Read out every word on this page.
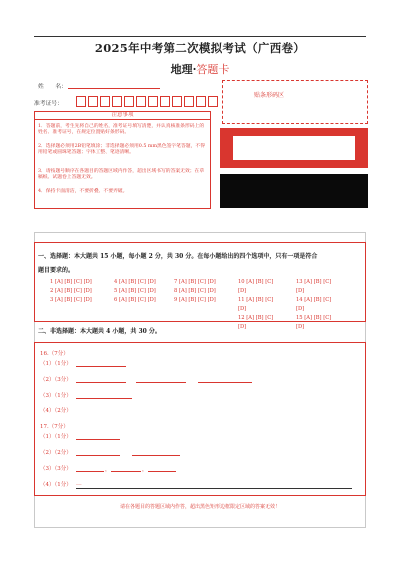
2025年中考第二次模拟考试（广西卷）
地理·答题卡
姓　　名：
准考证号：
注意事项
1．答题前，考生先将自己的姓名，准考证号填写清楚，并认真核准条形码上的姓名、准考证号，在规定位置贴好条形码。
2．选择题必须用2B铅笔填涂；非选择题必须用0.5 mm黑色签字笔答题，不得用铅笔或圆珠笔答题；字体工整、笔迹清晰。
3．请按题号顺序在各题目的答题区域内作答，超出区域书写的答案无效；在草稿纸、试题卷上答题无效。
4．保持卡面清洁，不要折叠、不要弄破。
贴条形码区
一、选择题：本大题共 15 小题，每小题 2 分，共 30 分。在每小题给出的四个选项中，只有一项是符合
题目要求的。
1 [A] [B] [C] [D]	4 [A] [B] [C] [D]	7 [A] [B] [C] [D]	10 [A] [B] [C]	13 [A] [B] [C]
2 [A] [B] [C] [D]	5 [A] [B] [C] [D]	8 [A] [B] [C] [D]	[D]	[D]
3 [A] [B] [C] [D]	6 [A] [B] [C] [D]	9 [A] [B] [C] [D]	11 [A] [B] [C]	14 [A] [B] [C]
[D]	[D]
12 [A] [B] [C]	15 [A] [B] [C]
[D]	[D]
二、非选择题：本大题共 4 小题，共 30 分。
16.（7分）
（1）（1分）
（2）（3分）
（3）（1分）
（4）（2分）
17.（7分）
（1）（1分）
（2）（2分）
（3）（3分）	，	，
（4）（1分） __
请在各题目的答题区域内作答，超出黑色矩形边框限定区域的答案无效！
